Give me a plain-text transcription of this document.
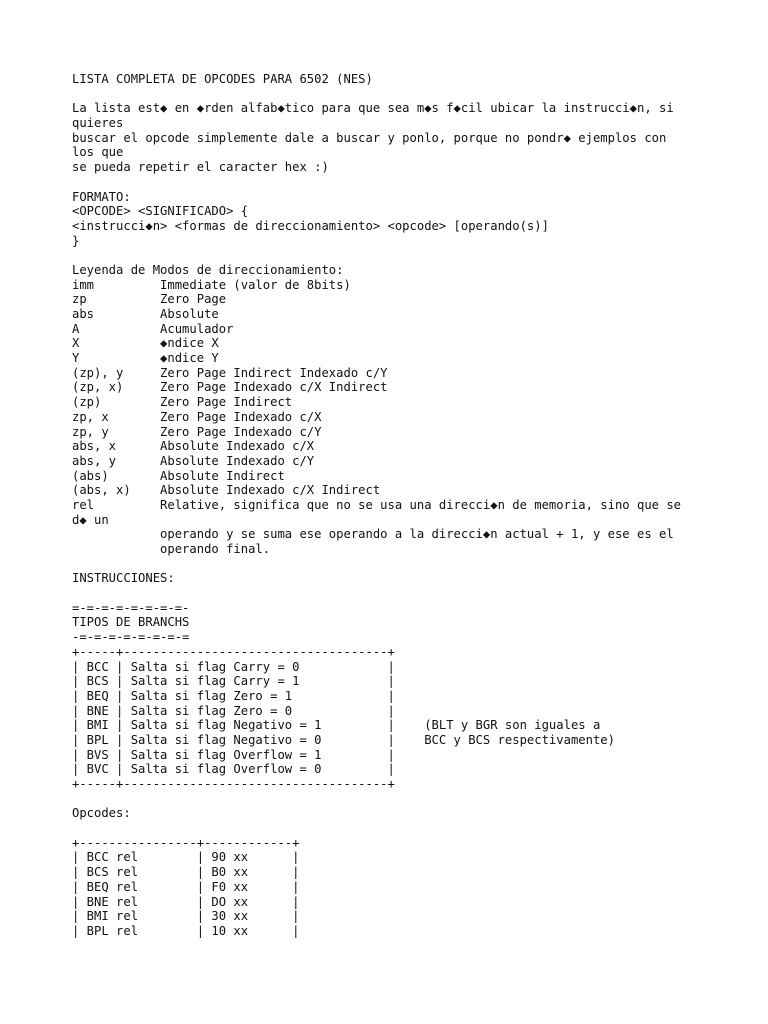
LISTA COMPLETA DE OPCODES PARA 6502 (NES)
La lista est◆ en ◆rden alfab◆tico para que sea m◆s f◆cil ubicar la instrucci◆n, si
quieres
buscar el opcode simplemente dale a buscar y ponlo, porque no pondr◆ ejemplos con
los que
se pueda repetir el caracter hex :)
FORMATO:
<OPCODE> <SIGNIFICADO> {
<instrucci◆n> <formas de direccionamiento> <opcode> [operando(s)]
}
Leyenda de Modos de direccionamiento:
imm         Immediate (valor de 8bits)
zp          Zero Page
abs         Absolute
A           Acumulador
X           ◆ndice X
Y           ◆ndice Y
(zp), y     Zero Page Indirect Indexado c/Y
(zp, x)     Zero Page Indexado c/X Indirect
(zp)        Zero Page Indirect
zp, x       Zero Page Indexado c/X
zp, y       Zero Page Indexado c/Y
abs, x      Absolute Indexado c/X
abs, y      Absolute Indexado c/Y
(abs)       Absolute Indirect
(abs, x)    Absolute Indexado c/X Indirect
rel         Relative, significa que no se usa una direcci◆n de memoria, sino que se
d◆ un
operando y se suma ese operando a la direcci◆n actual + 1, y ese es el
operando final.
INSTRUCCIONES:
=-=-=-=-=-=-=-=-
TIPOS DE BRANCHS
-=-=-=-=-=-=-=-=
+-----+------------------------------------+
| BCC | Salta si flag Carry = 0            |
| BCS | Salta si flag Carry = 1            |
| BEQ | Salta si flag Zero = 1             |
| BNE | Salta si flag Zero = 0             |
| BMI | Salta si flag Negativo = 1         |    (BLT y BGR son iguales a
| BPL | Salta si flag Negativo = 0         |    BCC y BCS respectivamente)
| BVS | Salta si flag Overflow = 1         |
| BVC | Salta si flag Overflow = 0         |
+-----+------------------------------------+
Opcodes:
+----------------+------------+
| BCC rel        | 90 xx      |
| BCS rel        | B0 xx      |
| BEQ rel        | F0 xx      |
| BNE rel        | DO xx      |
| BMI rel        | 30 xx      |
| BPL rel        | 10 xx      |
